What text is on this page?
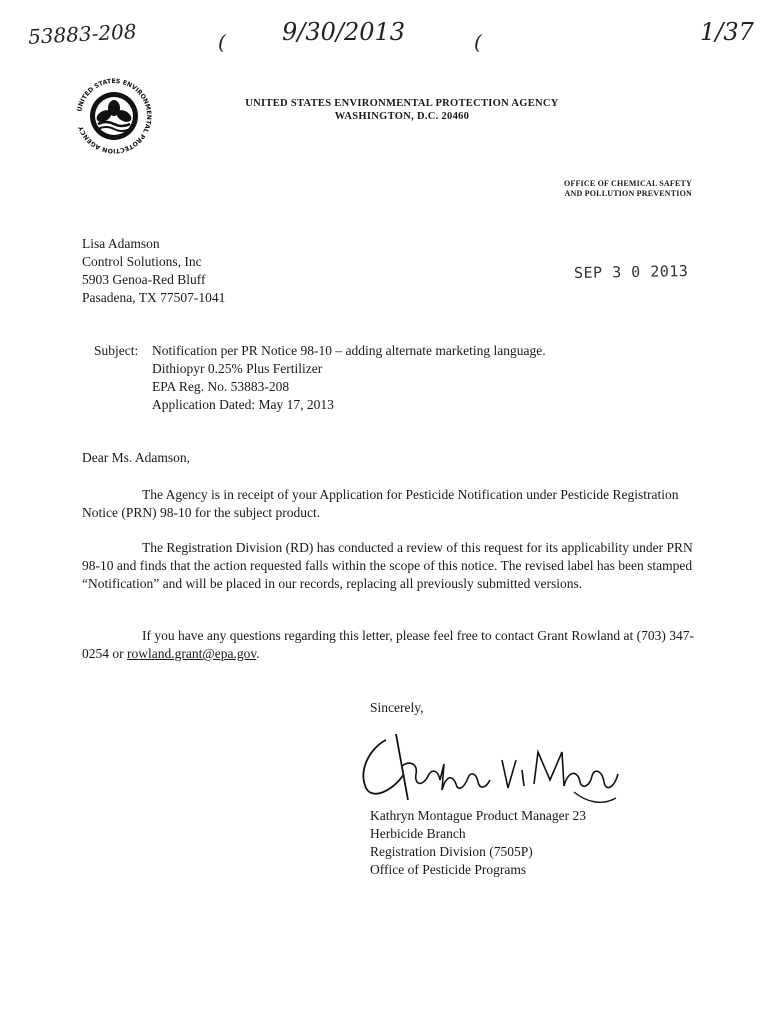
53883-208	( 9/30/2013	(	1/37
UNITED STATES ENVIRONMENTAL PROTECTION AGENCY
UNITED STATES ENVIRONMENTAL PROTECTION AGENCY
WASHINGTON, D.C. 20460
OFFICE OF CHEMICAL SAFETY
AND POLLUTION PREVENTION
Lisa Adamson
Control Solutions, Inc
5903 Genoa-Red Bluff
Pasadena, TX 77507-1041
SEP 3 0 2013
Subject: Notification per PR Notice 98-10 – adding alternate marketing language.
Dithiopyr 0.25% Plus Fertilizer
EPA Reg. No. 53883-208
Application Dated: May 17, 2013
Dear Ms. Adamson,
The Agency is in receipt of your Application for Pesticide Notification under Pesticide Registration Notice (PRN) 98-10 for the subject product.
The Registration Division (RD) has conducted a review of this request for its applicability under PRN 98-10 and finds that the action requested falls within the scope of this notice. The revised label has been stamped “Notification” and will be placed in our records, replacing all previously submitted versions.
If you have any questions regarding this letter, please feel free to contact Grant Rowland at (703) 347-0254 or rowland.grant@epa.gov.
Sincerely,
Kathryn Montague Product Manager 23
Herbicide Branch
Registration Division (7505P)
Office of Pesticide Programs
